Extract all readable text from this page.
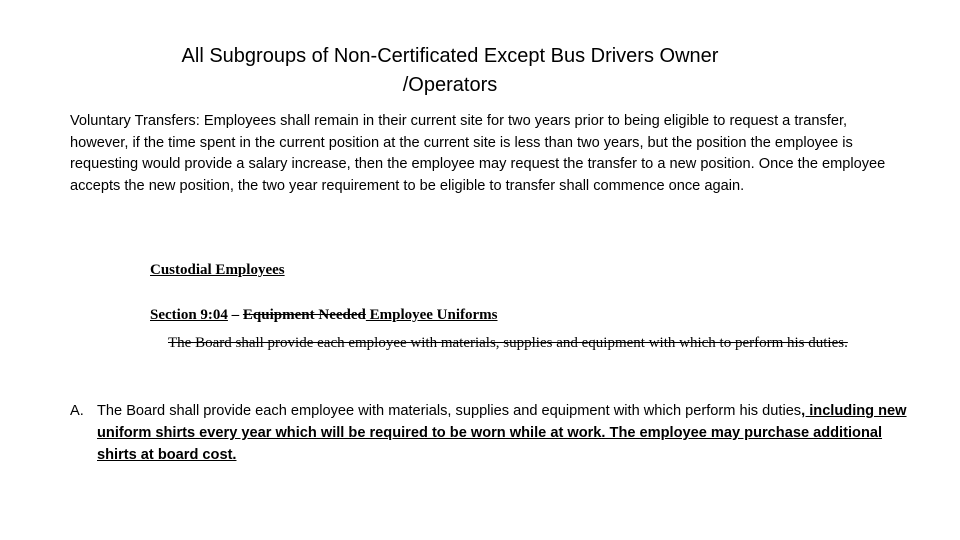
All Subgroups of Non-Certificated Except Bus Drivers Owner /Operators
Voluntary Transfers: Employees shall remain in their current site for two years prior to being eligible to request a transfer, however, if the time spent in the current position at the current site is less than two years, but the position the employee is requesting would provide a salary increase, then the employee may request the transfer to a new position. Once the employee accepts the new position, the two year requirement to be eligible to transfer shall commence once again.
Custodial Employees
Section 9:04 – Equipment Needed Employee Uniforms
The Board shall provide each employee with materials, supplies and equipment with which to perform his duties.
A. The Board shall provide each employee with materials, supplies and equipment with which perform his duties, including new uniform shirts every year which will be required to be worn while at work. The employee may purchase additional shirts at board cost.
